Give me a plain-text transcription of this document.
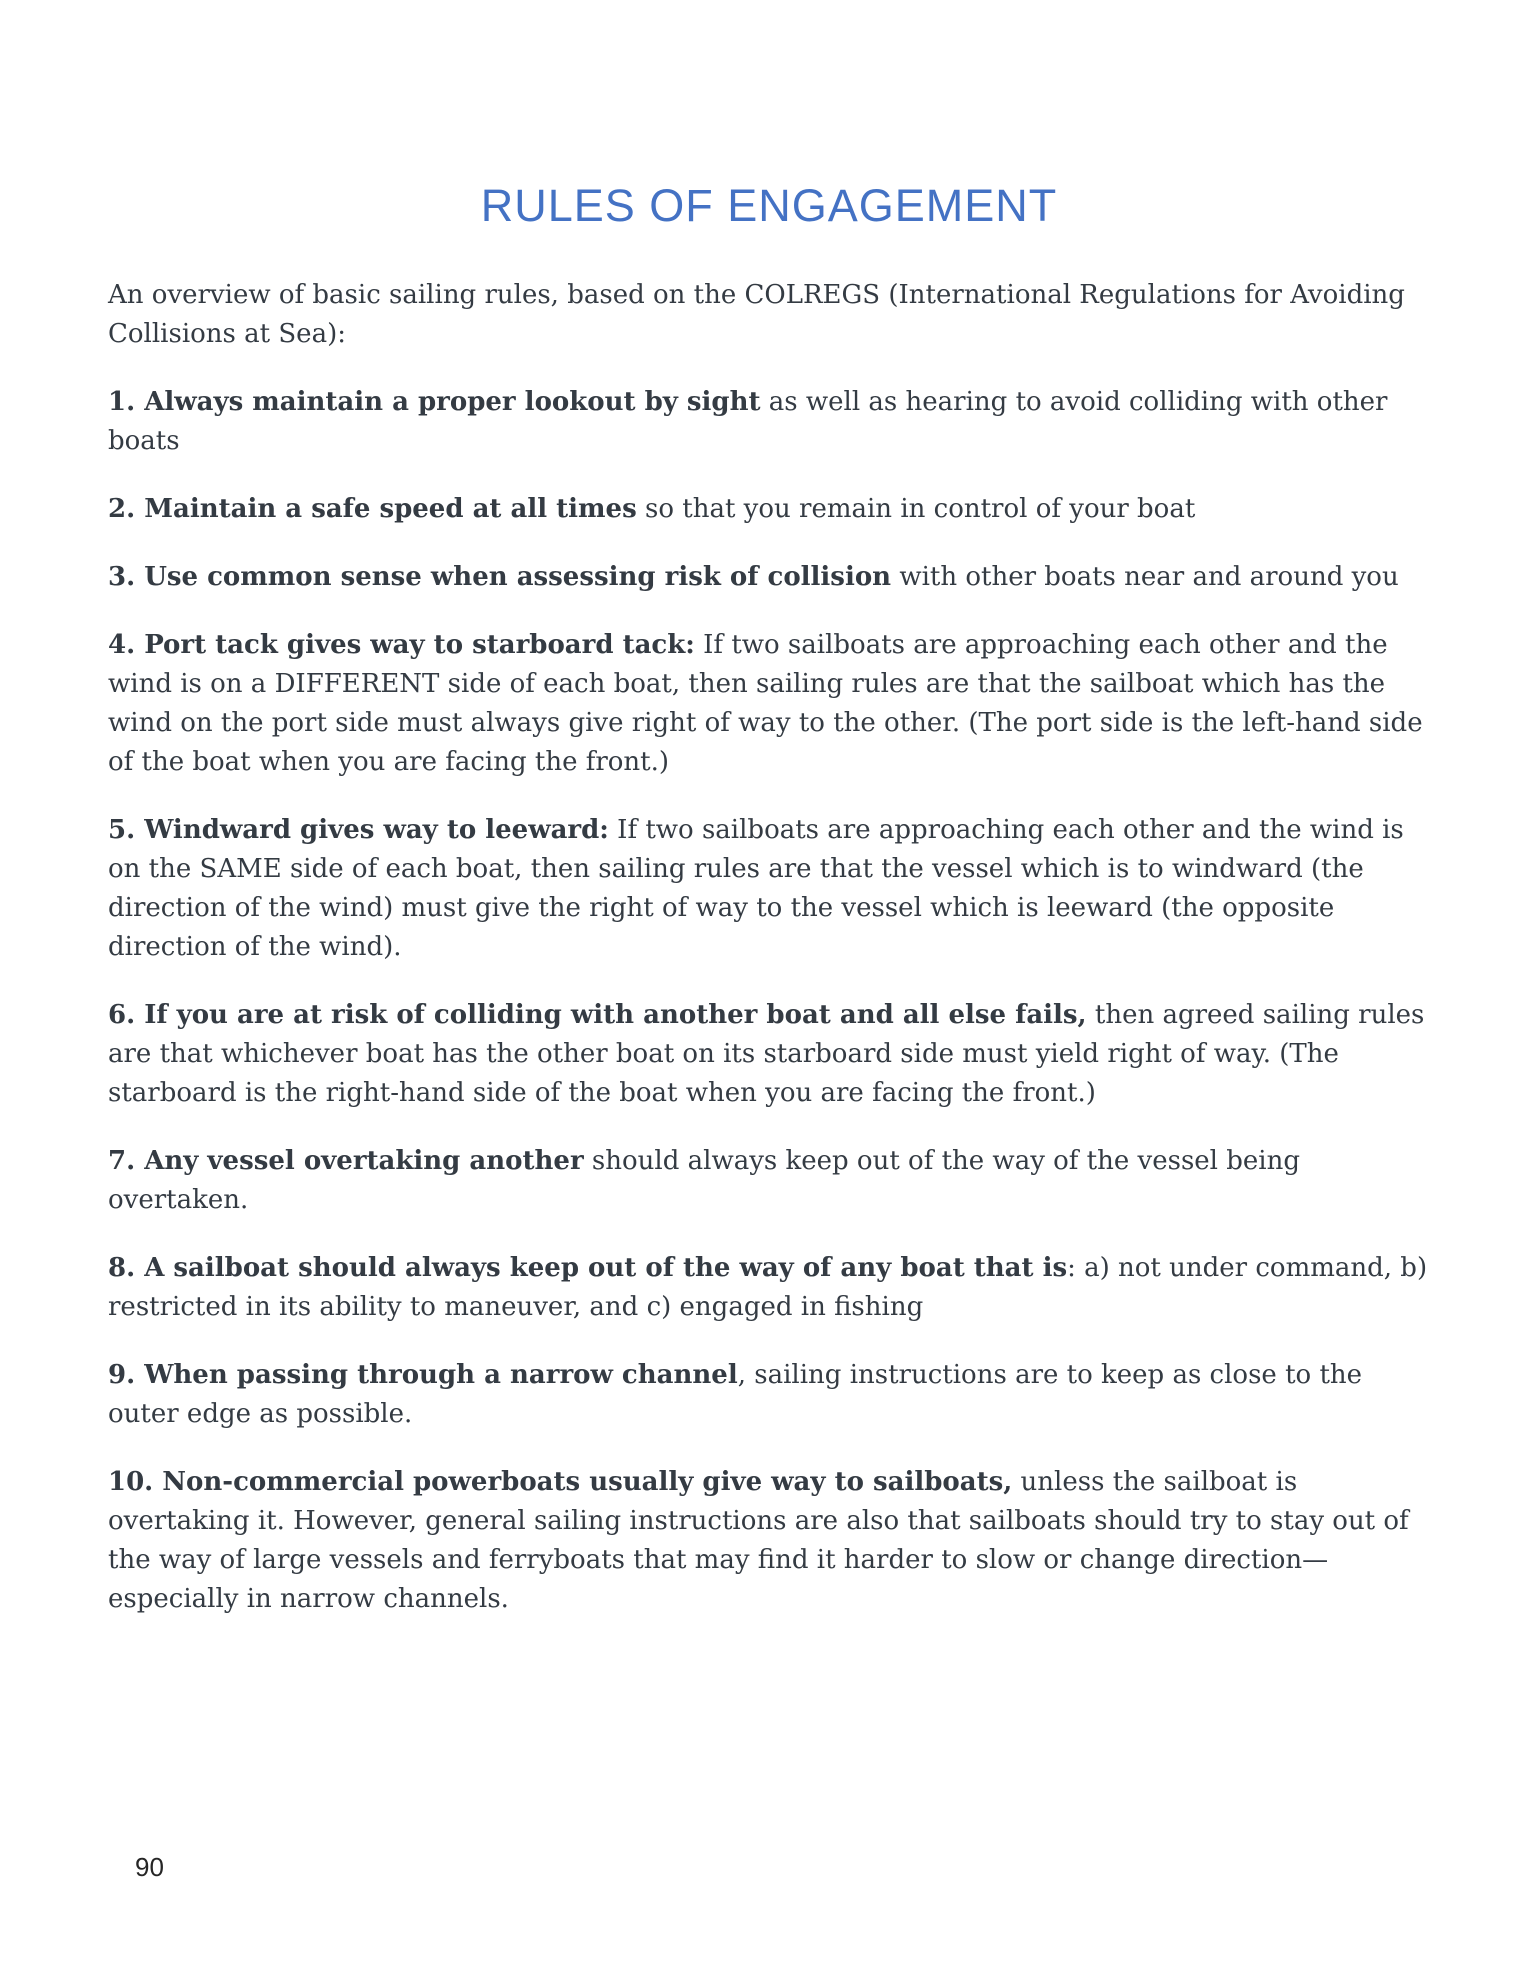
RULES OF ENGAGEMENT

An overview of basic sailing rules, based on the COLREGS (International Regulations for Avoiding Collisions at Sea):

1. Always maintain a proper lookout by sight as well as hearing to avoid colliding with other boats

2. Maintain a safe speed at all times so that you remain in control of your boat

3. Use common sense when assessing risk of collision with other boats near and around you

4. Port tack gives way to starboard tack: If two sailboats are approaching each other and the wind is on a DIFFERENT side of each boat, then sailing rules are that the sailboat which has the wind on the port side must always give right of way to the other. (The port side is the left-hand side of the boat when you are facing the front.)

5. Windward gives way to leeward: If two sailboats are approaching each other and the wind is on the SAME side of each boat, then sailing rules are that the vessel which is to windward (the direction of the wind) must give the right of way to the vessel which is leeward (the opposite direction of the wind).

6. If you are at risk of colliding with another boat and all else fails, then agreed sailing rules are that whichever boat has the other boat on its starboard side must yield right of way. (The starboard is the right-hand side of the boat when you are facing the front.)

7. Any vessel overtaking another should always keep out of the way of the vessel being overtaken.

8. A sailboat should always keep out of the way of any boat that is: a) not under command, b) restricted in its ability to maneuver, and c) engaged in fishing

9. When passing through a narrow channel, sailing instructions are to keep as close to the outer edge as possible.

10. Non-commercial powerboats usually give way to sailboats, unless the sailboat is overtaking it. However, general sailing instructions are also that sailboats should try to stay out of the way of large vessels and ferryboats that may find it harder to slow or change direction—especially in narrow channels.

90
